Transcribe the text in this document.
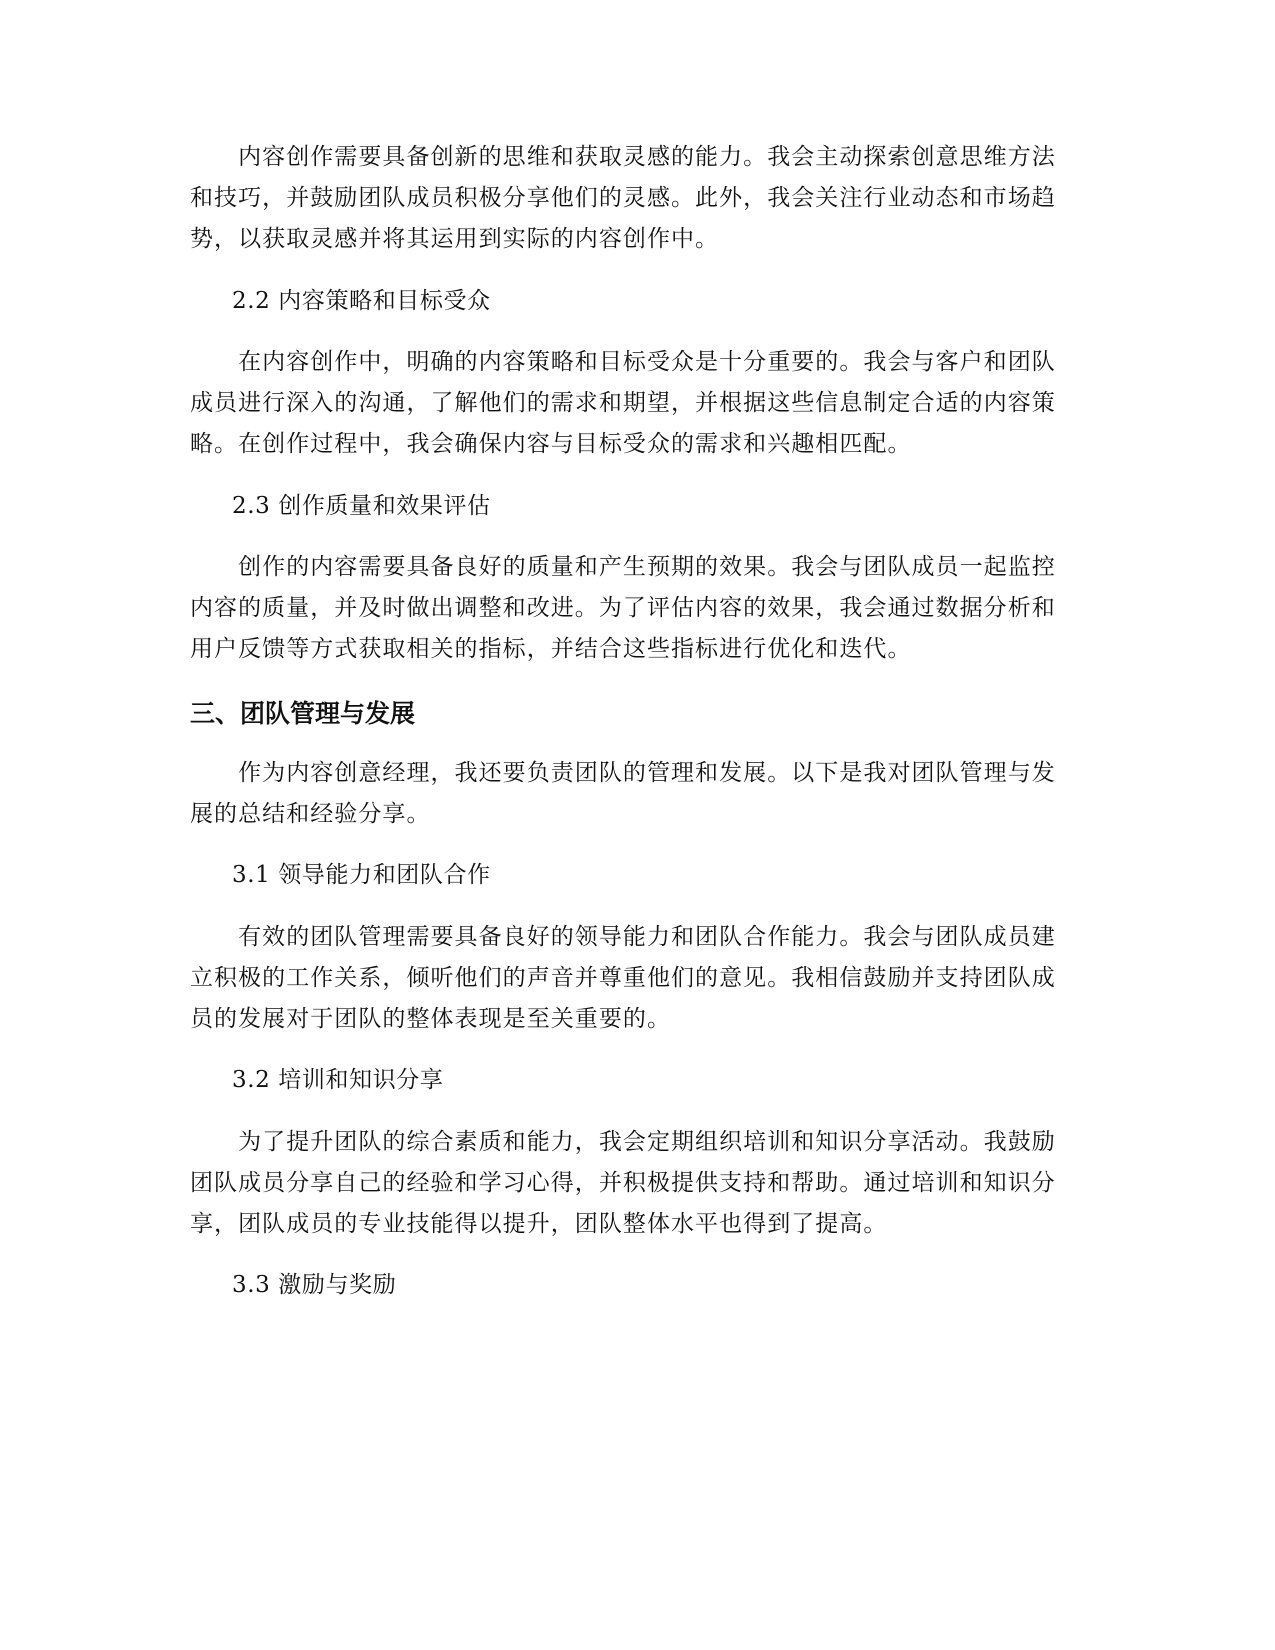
　　内容创作需要具备创新的思维和获取灵感的能力。我会主动探索创意思维方法
和技巧，并鼓励团队成员积极分享他们的灵感。此外，我会关注行业动态和市场趋
势，以获取灵感并将其运用到实际的内容创作中。

2.2 内容策略和目标受众

　　在内容创作中，明确的内容策略和目标受众是十分重要的。我会与客户和团队
成员进行深入的沟通，了解他们的需求和期望，并根据这些信息制定合适的内容策
略。在创作过程中，我会确保内容与目标受众的需求和兴趣相匹配。

2.3 创作质量和效果评估

　　创作的内容需要具备良好的质量和产生预期的效果。我会与团队成员一起监控
内容的质量，并及时做出调整和改进。为了评估内容的效果，我会通过数据分析和
用户反馈等方式获取相关的指标，并结合这些指标进行优化和迭代。

三、团队管理与发展

　　作为内容创意经理，我还要负责团队的管理和发展。以下是我对团队管理与发
展的总结和经验分享。

3.1 领导能力和团队合作

　　有效的团队管理需要具备良好的领导能力和团队合作能力。我会与团队成员建
立积极的工作关系，倾听他们的声音并尊重他们的意见。我相信鼓励并支持团队成
员的发展对于团队的整体表现是至关重要的。

3.2 培训和知识分享

　　为了提升团队的综合素质和能力，我会定期组织培训和知识分享活动。我鼓励
团队成员分享自己的经验和学习心得，并积极提供支持和帮助。通过培训和知识分
享，团队成员的专业技能得以提升，团队整体水平也得到了提高。

3.3 激励与奖励
